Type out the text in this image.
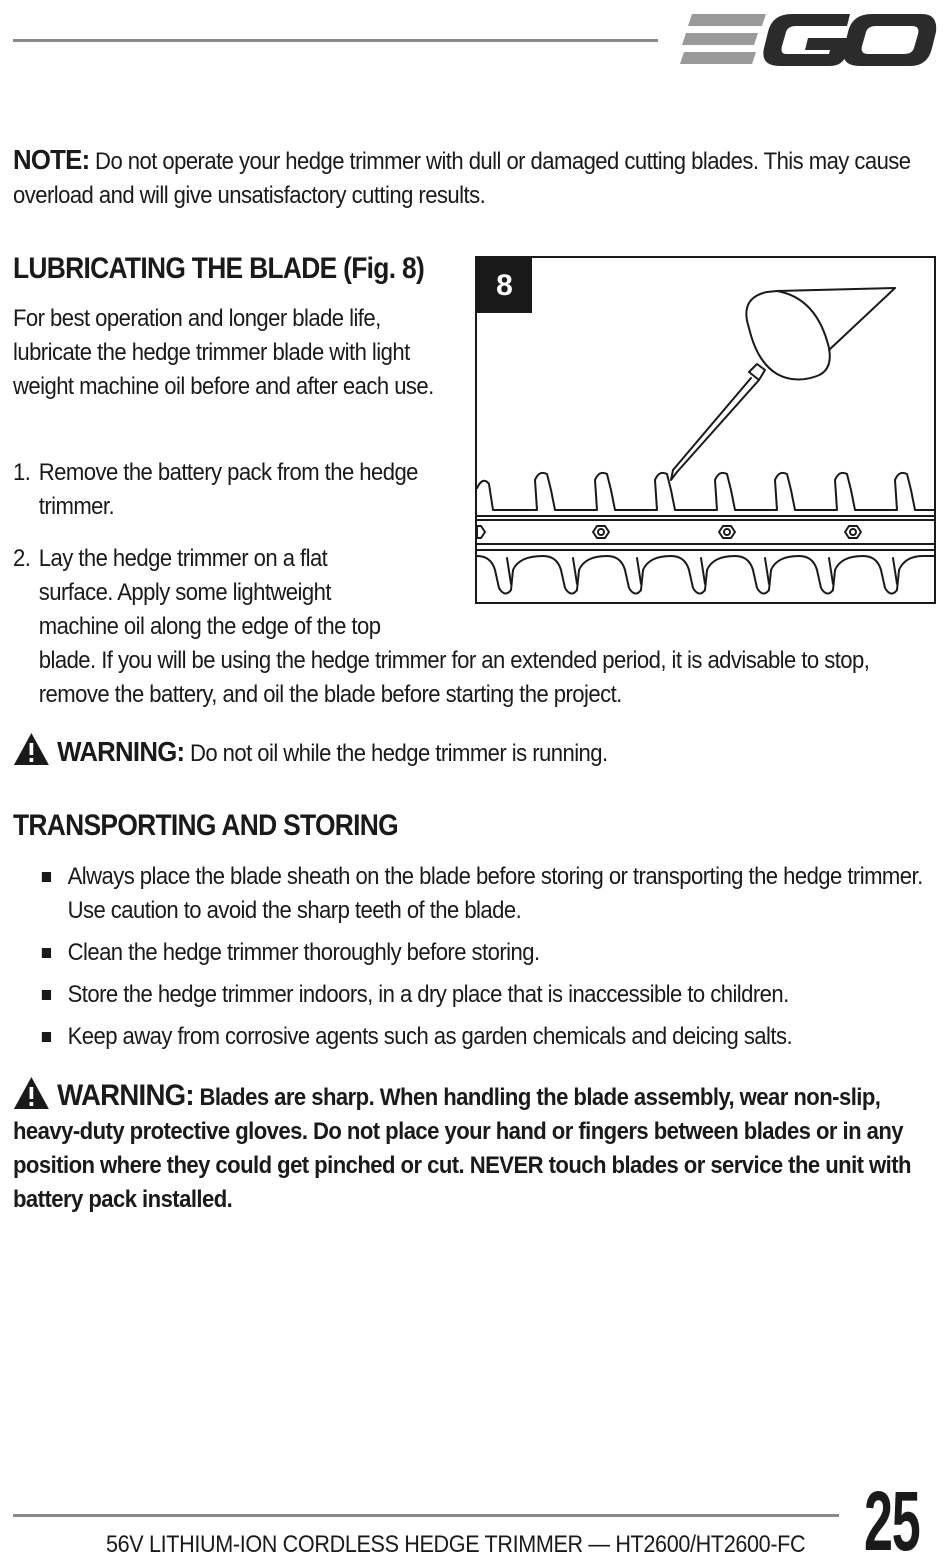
NOTE: Do not operate your hedge trimmer with dull or damaged cutting blades. This may cause overload and will give unsatisfactory cutting results.
LUBRICATING THE BLADE (Fig. 8)
For best operation and longer blade life, lubricate the hedge trimmer blade with light weight machine oil before and after each use.
1. Remove the battery pack from the hedge trimmer.
2. Lay the hedge trimmer on a flat
surface. Apply some lightweight
machine oil along the edge of the top
blade. If you will be using the hedge trimmer for an extended period, it is advisable to stop, remove the battery, and oil the blade before starting the project.
8
WARNING: Do not oil while the hedge trimmer is running.
TRANSPORTING AND STORING
Always place the blade sheath on the blade before storing or transporting the hedge trimmer. Use caution to avoid the sharp teeth of the blade.
Clean the hedge trimmer thoroughly before storing.
Store the hedge trimmer indoors, in a dry place that is inaccessible to children.
Keep away from corrosive agents such as garden chemicals and deicing salts.
WARNING: Blades are sharp. When handling the blade assembly, wear non-slip, heavy-duty protective gloves. Do not place your hand or fingers between blades or in any position where they could get pinched or cut. NEVER touch blades or service the unit with battery pack installed.
56V LITHIUM-ION CORDLESS HEDGE TRIMMER — HT2600/HT2600-FC 25
